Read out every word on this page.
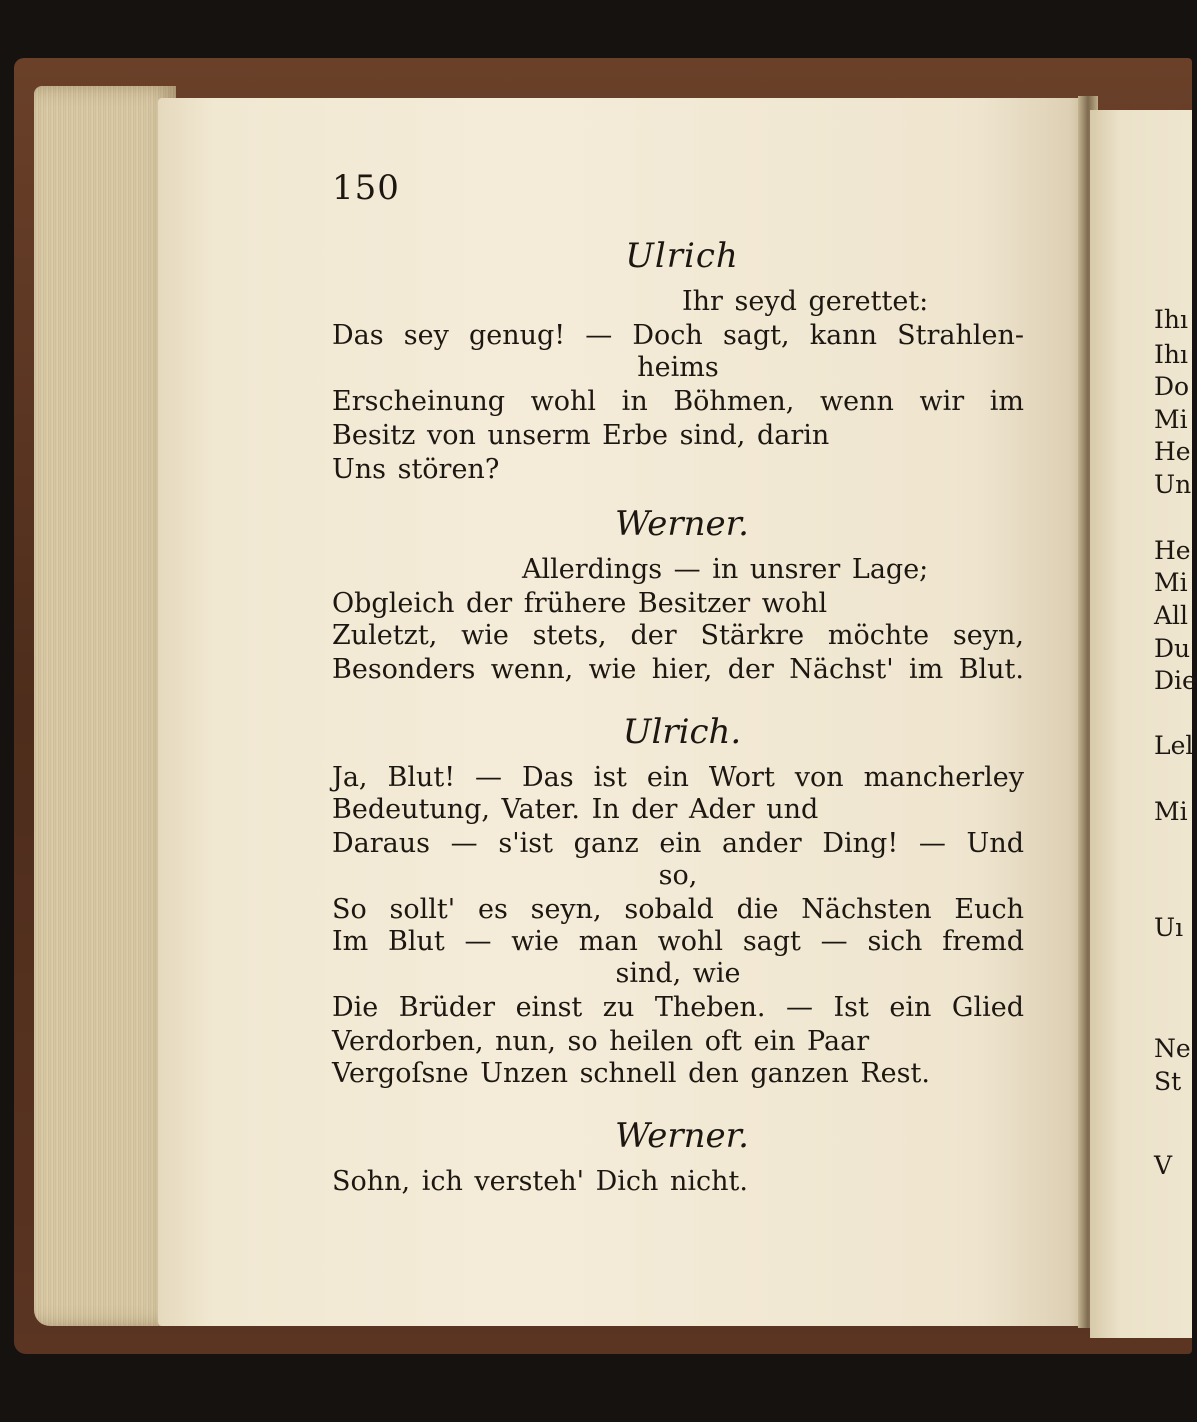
150
Ulrich
Ihr seyd gerettet:
Das sey genug! — Doch sagt, kann Strahlen-
heims
Erscheinung wohl in Böhmen, wenn wir im
Besitz von unserm Erbe sind, darin
Uns stören?
Werner.
Allerdings — in unsrer Lage;
Obgleich der frühere Besitzer wohl
Zuletzt, wie stets, der Stärkre möchte seyn,
Besonders wenn, wie hier, der Nächst' im Blut.
Ulrich.
Ja, Blut! — Das ist ein Wort von mancherley
Bedeutung, Vater. In der Ader und
Daraus — s'ist ganz ein ander Ding! — Und
so,
So sollt' es seyn, sobald die Nächsten Euch
Im Blut — wie man wohl sagt — sich fremd
sind, wie
Die Brüder einst zu Theben. — Ist ein Glied
Verdorben, nun, so heilen oft ein Paar
Vergoſsne Unzen schnell den ganzen Rest.
Werner.
Sohn, ich versteh' Dich nicht.
Ihı
Ihı
Do
Mi
He
Un
He
Mi
All
Du
Die
Lel
Mi
Uı
Ne
St
V
